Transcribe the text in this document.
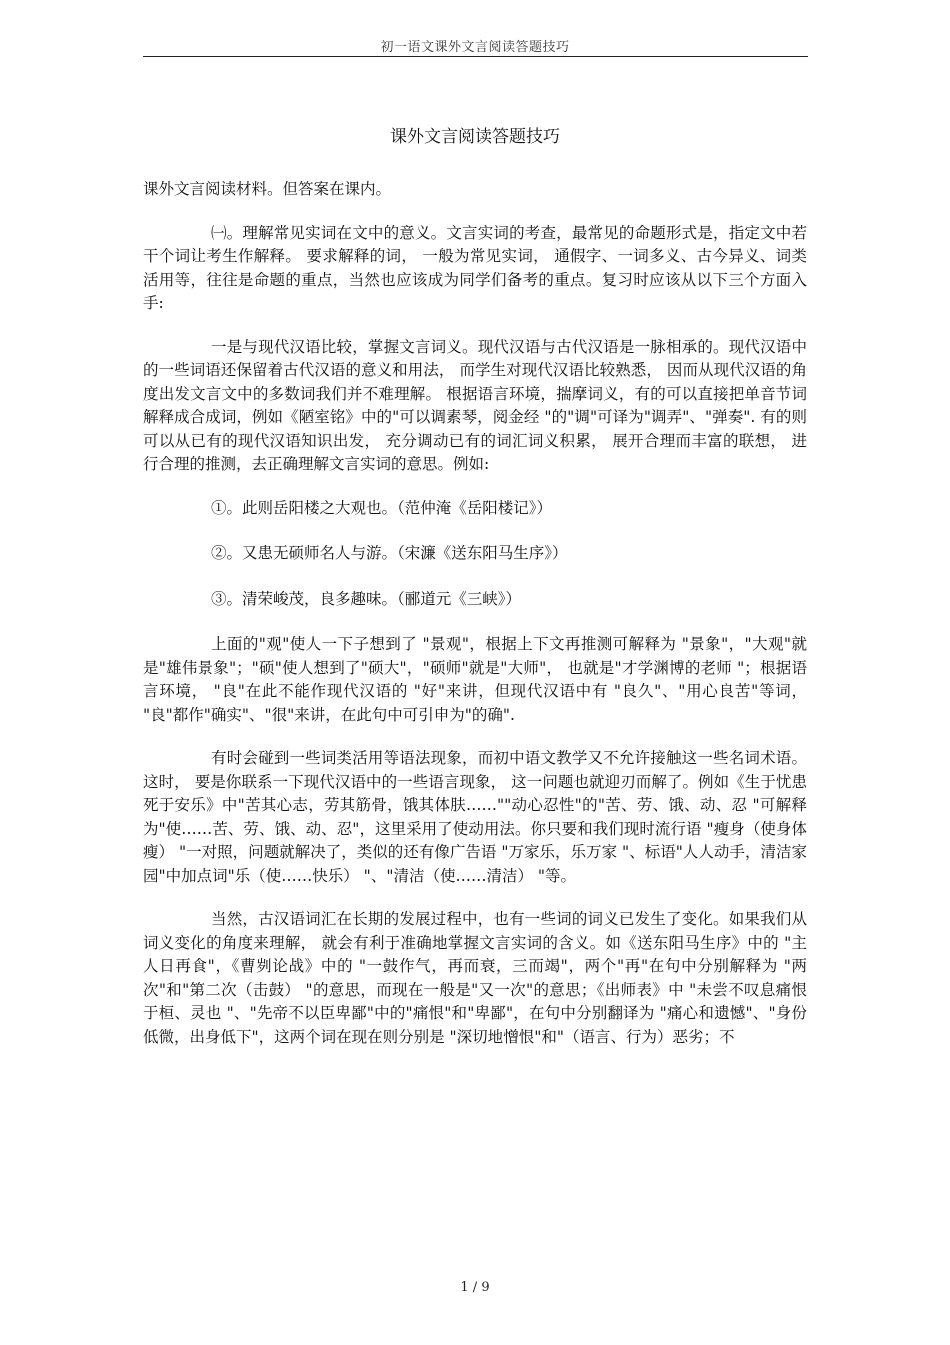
初一语文课外文言阅读答题技巧
课外文言阅读答题技巧

课外文言阅读材料。但答案在课内。

㈠。理解常见实词在文中的意义。文言实词的考查，最常见的命题形式是，指定文中若干个词让考生作解释。 要求解释的词， 一般为常见实词， 通假字、一词多义、古今异义、词类活用等，往往是命题的重点，当然也应该成为同学们备考的重点。复习时应该从以下三个方面入手:

一是与现代汉语比较，掌握文言词义。现代汉语与古代汉语是一脉相承的。现代汉语中的一些词语还保留着古代汉语的意义和用法， 而学生对现代汉语比较熟悉， 因而从现代汉语的角度出发文言文中的多数词我们并不难理解。 根据语言环境，揣摩词义，有的可以直接把单音节词解释成合成词，例如《陋室铭》中的"可以调素琴，阅金经 "的"调"可译为"调弄"、"弹奏". 有的则可以从已有的现代汉语知识出发， 充分调动已有的词汇词义积累， 展开合理而丰富的联想， 进行合理的推测，去正确理解文言实词的意思。例如:

①。此则岳阳楼之大观也。（范仲淹《岳阳楼记》）
②。又患无硕师名人与游。（宋濂《送东阳马生序》）
③。清荣峻茂，良多趣味。（郦道元《三峡》）

上面的"观"使人一下子想到了 "景观"，根据上下文再推测可解释为 "景象"，"大观"就是"雄伟景象"；"硕"使人想到了"硕大"，"硕师"就是"大师"， 也就是"才学渊博的老师 "；根据语言环境， "良"在此不能作现代汉语的 "好"来讲，但现代汉语中有 "良久"、"用心良苦"等词， "良"都作"确实"、"很"来讲，在此句中可引申为"的确".

有时会碰到一些词类活用等语法现象，而初中语文教学又不允许接触这一些名词术语。 这时， 要是你联系一下现代汉语中的一些语言现象， 这一问题也就迎刃而解了。例如《生于忧患 死于安乐》中"苦其心志，劳其筋骨，饿其体肤……""动心忍性"的"苦、劳、饿、动、忍 "可解释为"使……苦、劳、饿、动、忍"，这里采用了使动用法。你只要和我们现时流行语 "瘦身（使身体瘦） "一对照，问题就解决了，类似的还有像广告语 "万家乐，乐万家 "、标语"人人动手，清洁家园"中加点词"乐（使……快乐） "、"清洁（使……清洁） "等。

当然，古汉语词汇在长期的发展过程中，也有一些词的词义已发生了变化。如果我们从词义变化的角度来理解， 就会有利于准确地掌握文言实词的含义。如《送东阳马生序》中的 "主人日再食"，《曹刿论战》中的 "一鼓作气，再而衰，三而竭"，两个"再"在句中分别解释为 "两次"和"第二次（击鼓） "的意思，而现在一般是"又一次"的意思；《出师表》中 "未尝不叹息痛恨于桓、灵也 "、"先帝不以臣卑鄙"中的"痛恨"和"卑鄙"，在句中分别翻译为 "痛心和遗憾"、"身份低微，出身低下"，这两个词在现在则分别是 "深切地憎恨"和"（语言、行为）恶劣；不

1 / 9
